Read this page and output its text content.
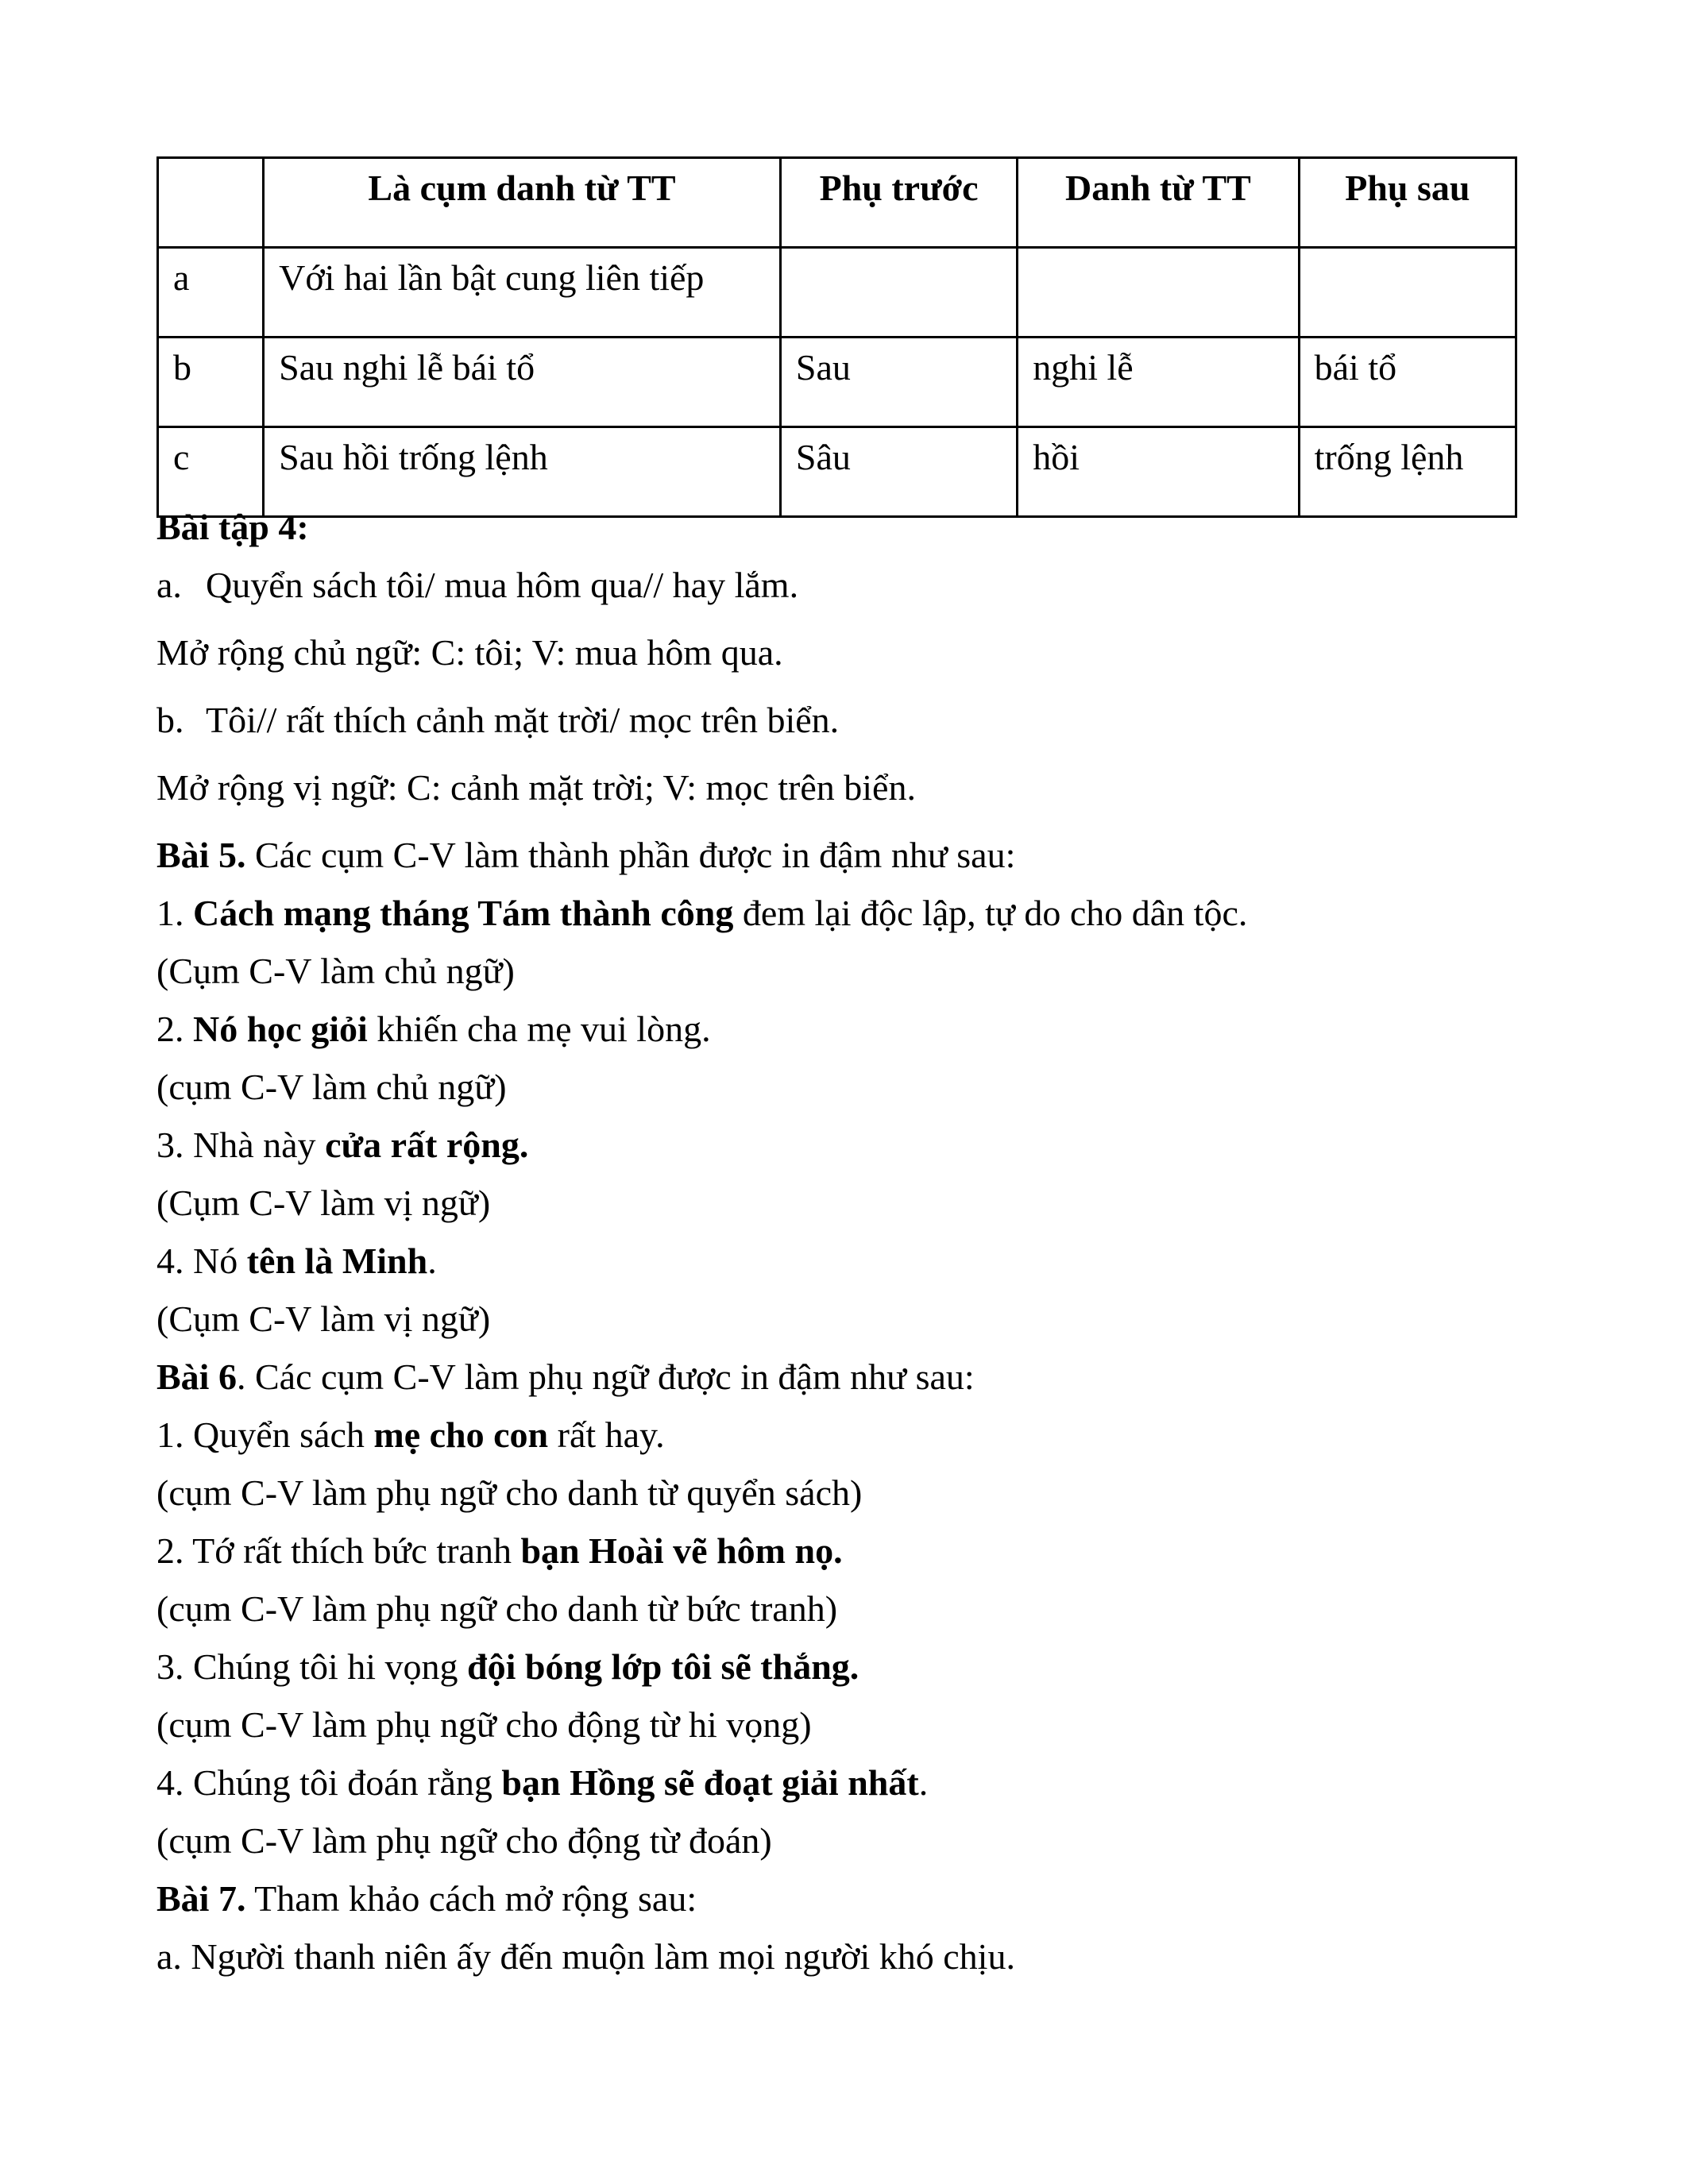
	Là cụm danh từ TT	Phụ trước	Danh từ TT	Phụ sau
a	Với hai lần bật cung liên tiếp			
b	Sau nghi lễ bái tổ	Sau	nghi lễ	bái tổ
c	Sau hồi trống lệnh	Sâu	hồi	trống lệnh
Bài tập 4:
a. Quyển sách tôi/ mua hôm qua// hay lắm.
Mở rộng chủ ngữ: C: tôi; V: mua hôm qua.
b. Tôi// rất thích cảnh mặt trời/ mọc trên biển.
Mở rộng vị ngữ: C: cảnh mặt trời; V: mọc trên biển.
Bài 5. Các cụm C-V làm thành phần được in đậm như sau:
1. Cách mạng tháng Tám thành công đem lại độc lập, tự do cho dân tộc.
(Cụm C-V làm chủ ngữ)
2. Nó học giỏi khiến cha mẹ vui lòng.
(cụm C-V làm chủ ngữ)
3. Nhà này cửa rất rộng.
(Cụm C-V làm vị ngữ)
4. Nó tên là Minh.
(Cụm C-V làm vị ngữ)
Bài 6. Các cụm C-V làm phụ ngữ được in đậm như sau:
1. Quyển sách mẹ cho con rất hay.
(cụm C-V làm phụ ngữ cho danh từ quyển sách)
2. Tớ rất thích bức tranh bạn Hoài vẽ hôm nọ.
(cụm C-V làm phụ ngữ cho danh từ bức tranh)
3. Chúng tôi hi vọng đội bóng lớp tôi sẽ thắng.
(cụm C-V làm phụ ngữ cho động từ hi vọng)
4. Chúng tôi đoán rằng bạn Hồng sẽ đoạt giải nhất.
(cụm C-V làm phụ ngữ cho động từ đoán)
Bài 7. Tham khảo cách mở rộng sau:
a. Người thanh niên ấy đến muộn làm mọi người khó chịu.
